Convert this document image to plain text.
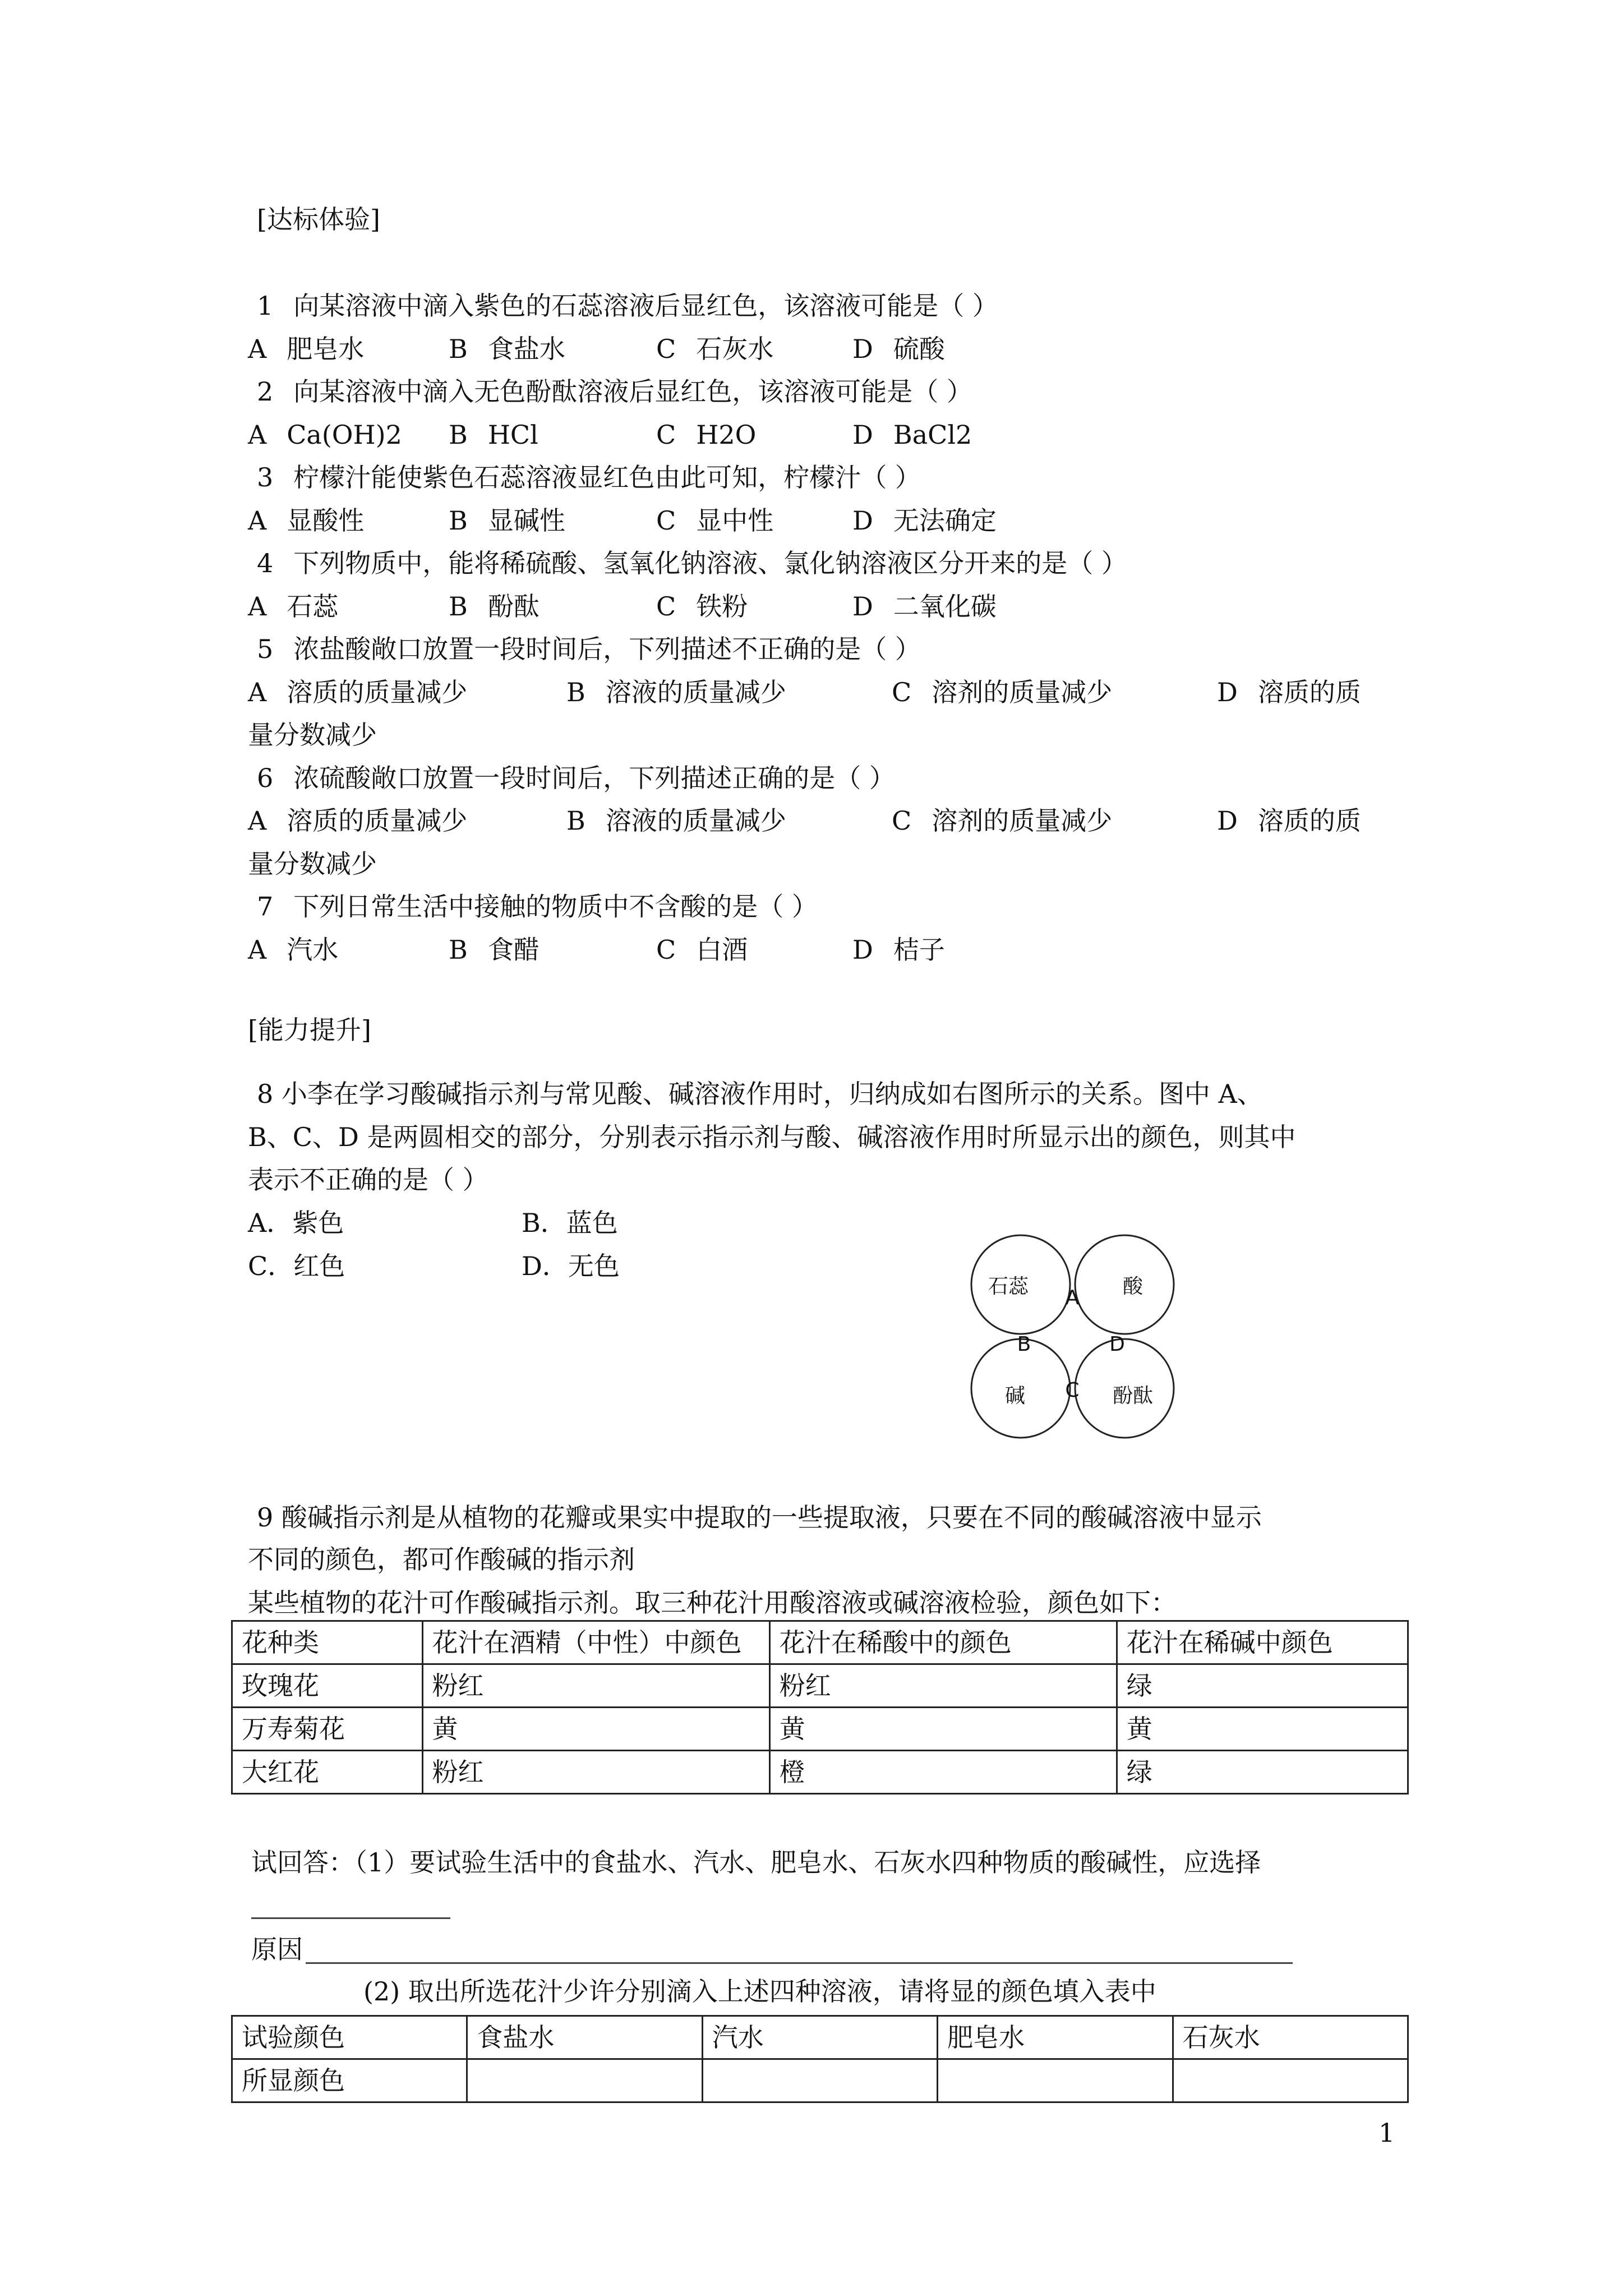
[达标体验]
1 向某溶液中滴入紫色的石蕊溶液后显红色，该溶液可能是（ ）
A 肥皂水	B 食盐水	C 石灰水	D 硫酸
2 向某溶液中滴入无色酚酞溶液后显红色，该溶液可能是（ ）
A Ca(OH)2 B HCl	C H2O	D BaCl2
3 柠檬汁能使紫色石蕊溶液显红色由此可知，柠檬汁（ ）
A 显酸性	B 显碱性	C 显中性	D 无法确定
4 下列物质中，能将稀硫酸、氢氧化钠溶液、氯化钠溶液区分开来的是（ ）
A 石蕊	B 酚酞	C 铁粉	D 二氧化碳
5 浓盐酸敞口放置一段时间后，下列描述不正确的是（ ）
A 溶质的质量减少	B 溶液的质量减少	C 溶剂的质量减少	D 溶质的质
量分数减少
6 浓硫酸敞口放置一段时间后，下列描述正确的是（ ）
A 溶质的质量减少	B 溶液的质量减少	C 溶剂的质量减少	D 溶质的质
量分数减少
7 下列日常生活中接触的物质中不含酸的是（ ）
A 汽水	B 食醋	C 白酒	D 桔子
[能力提升]
8 小李在学习酸碱指示剂与常见酸、碱溶液作用时，归纳成如右图所示的关系。图中 A、
B、C、D 是两圆相交的部分，分别表示指示剂与酸、碱溶液作用时所显示出的颜色，则其中
表示不正确的是（ ）
A．紫色	B．蓝色
C．红色	D．无色
石蕊	酸
碱	酚酞
A
B
C
D
9 酸碱指示剂是从植物的花瓣或果实中提取的一些提取液，只要在不同的酸碱溶液中显示
不同的颜色，都可作酸碱的指示剂
某些植物的花汁可作酸碱指示剂。取三种花汁用酸溶液或碱溶液检验，颜色如下：
花种类	花汁在酒精（中性）中颜色	花汁在稀酸中的颜色	花汁在稀碱中颜色
玫瑰花	粉红	粉红	绿
万寿菊花	黄	黄	黄
大红花	粉红	橙	绿
试回答：（1）要试验生活中的食盐水、汽水、肥皂水、石灰水四种物质的酸碱性，应选择
原因
(2) 取出所选花汁少许分别滴入上述四种溶液，请将显的颜色填入表中
试验颜色	食盐水	汽水	肥皂水	石灰水
所显颜色				
1
